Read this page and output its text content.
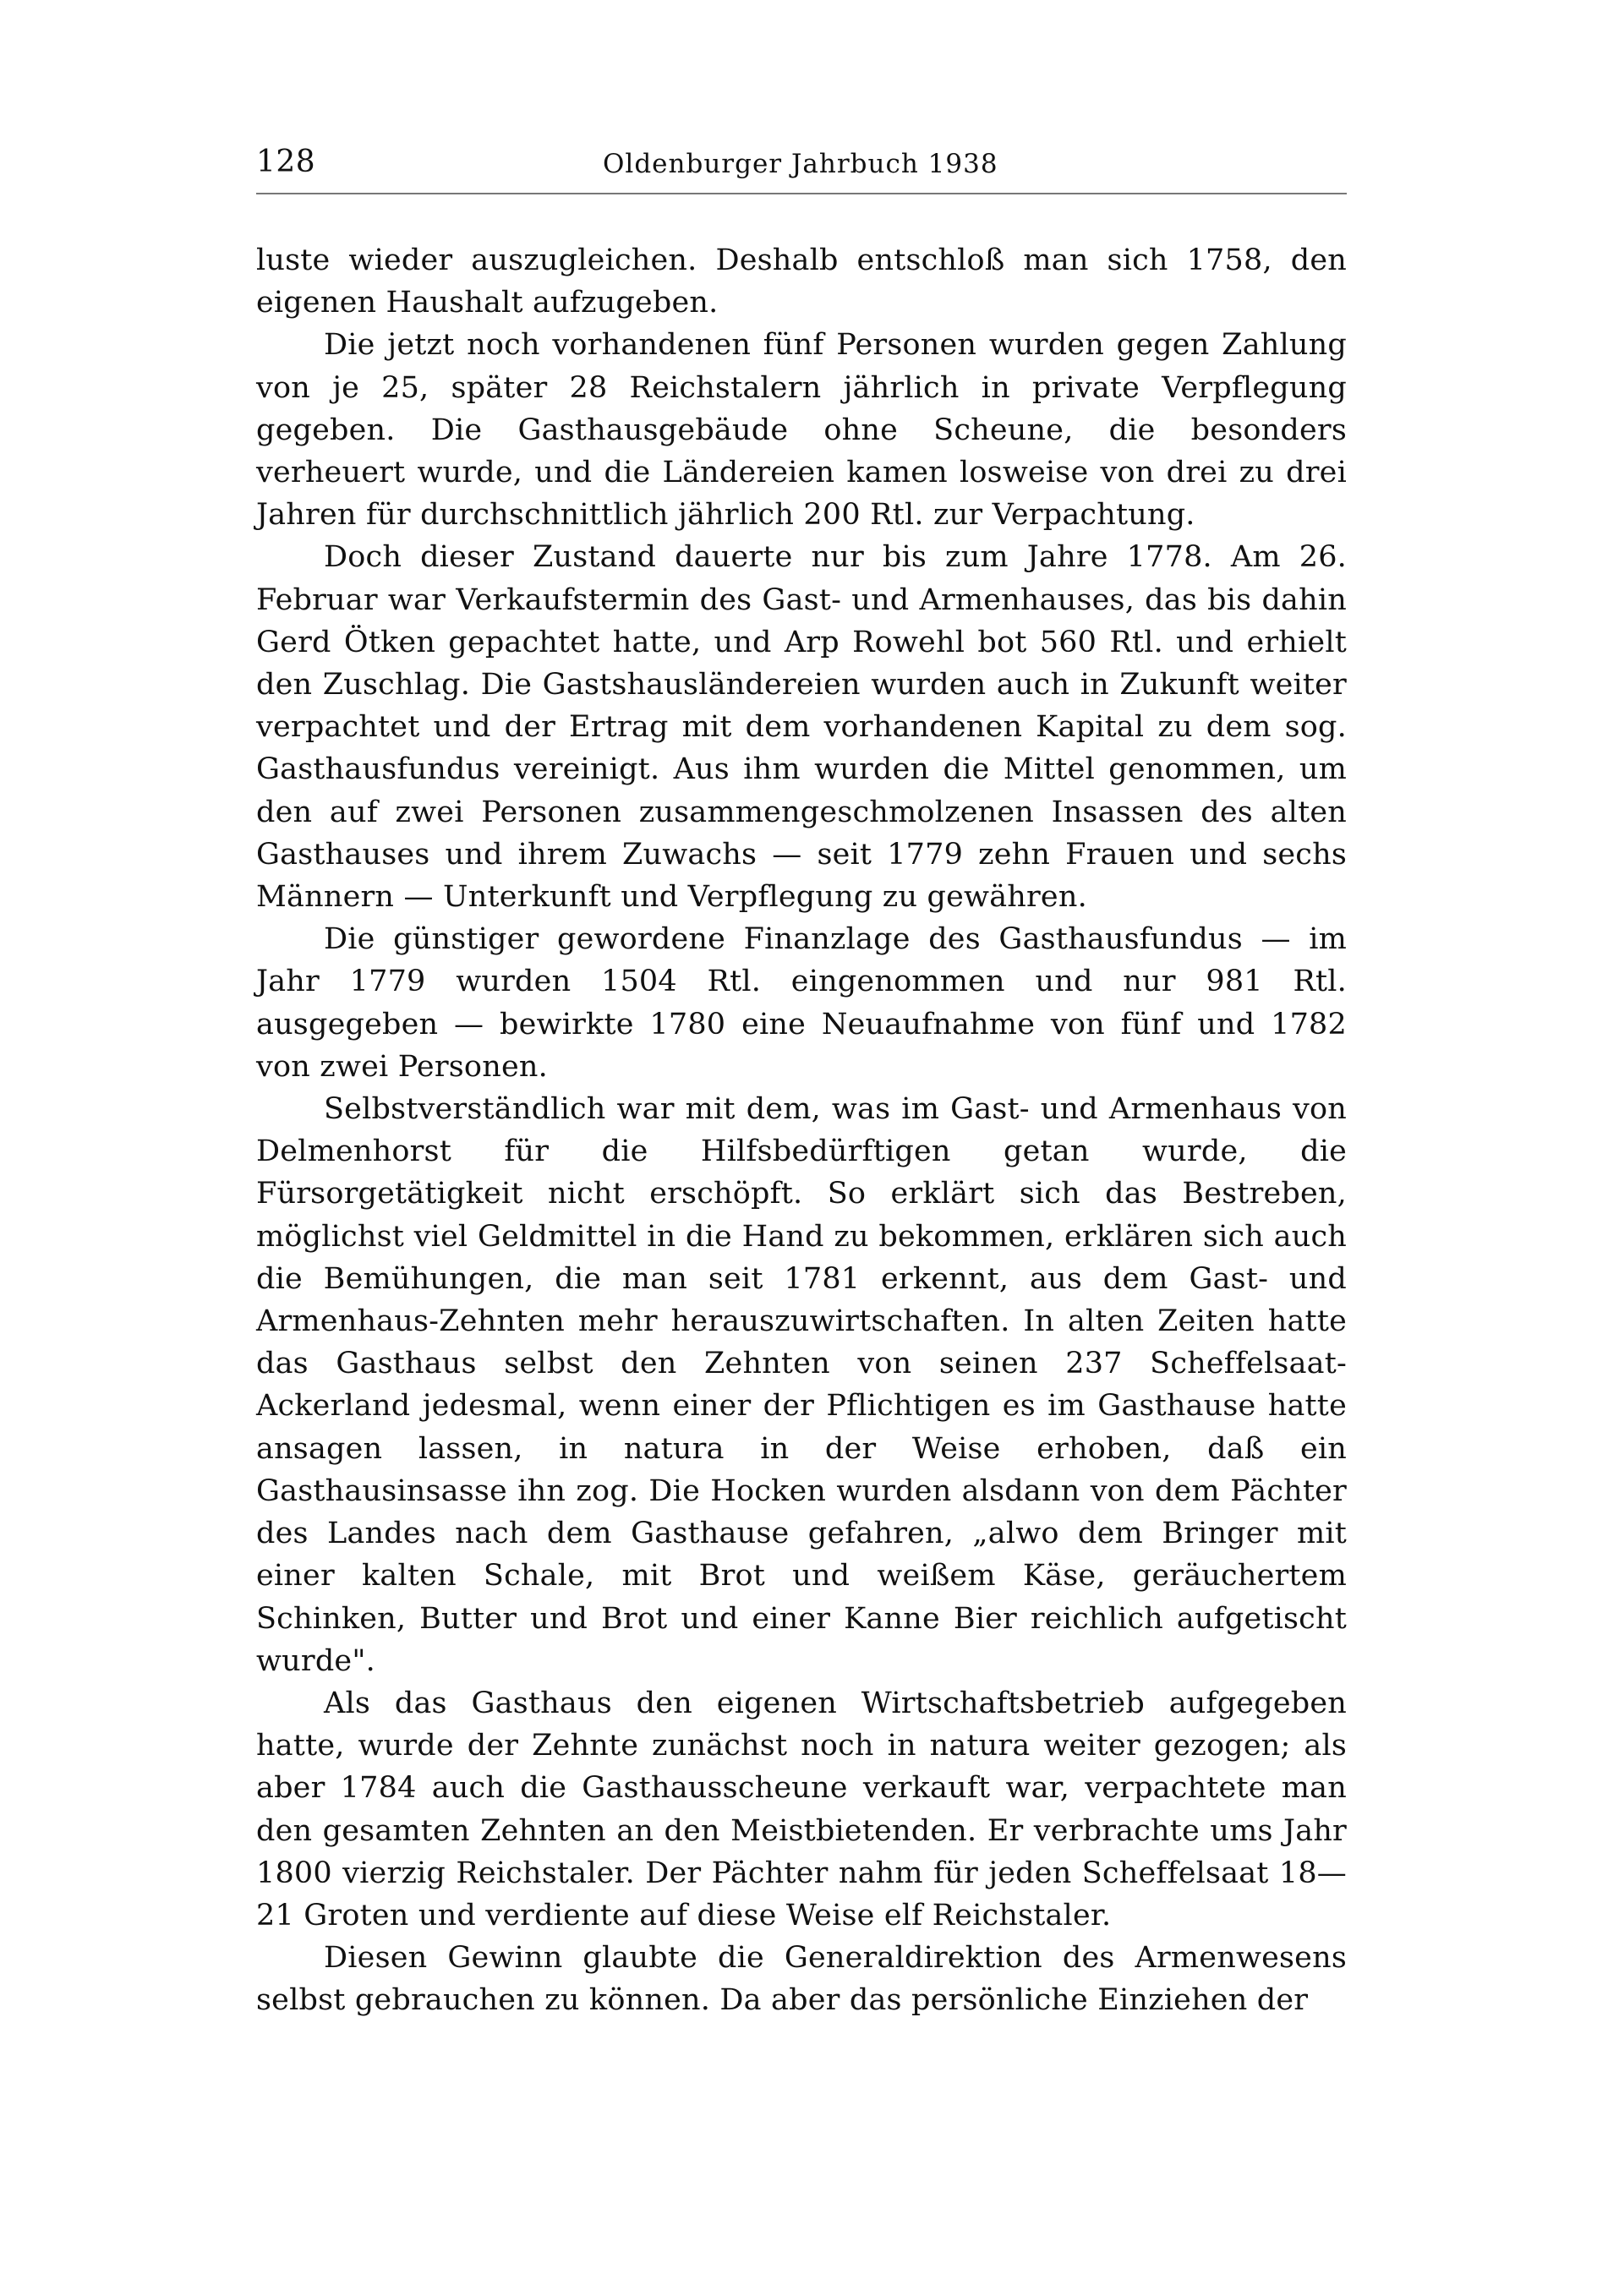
128	Oldenburger Jahrbuch 1938

luste wieder auszugleichen. Deshalb entschloß man sich 1758, den eigenen Haushalt aufzugeben.

Die jetzt noch vorhandenen fünf Personen wurden gegen Zahlung von je 25, später 28 Reichstalern jährlich in private Verpflegung gegeben. Die Gasthausgebäude ohne Scheune, die besonders verheuert wurde, und die Ländereien kamen losweise von drei zu drei Jahren für durchschnittlich jährlich 200 Rtl. zur Verpachtung.

Doch dieser Zustand dauerte nur bis zum Jahre 1778. Am 26. Februar war Verkaufstermin des Gast- und Armenhauses, das bis dahin Gerd Ötken gepachtet hatte, und Arp Rowehl bot 560 Rtl. und erhielt den Zuschlag. Die Gastshausländereien wurden auch in Zukunft weiter verpachtet und der Ertrag mit dem vorhandenen Kapital zu dem sog. Gasthausfundus vereinigt. Aus ihm wurden die Mittel genommen, um den auf zwei Personen zusammengeschmolzenen Insassen des alten Gasthauses und ihrem Zuwachs — seit 1779 zehn Frauen und sechs Männern — Unterkunft und Verpflegung zu gewähren.

Die günstiger gewordene Finanzlage des Gasthausfundus — im Jahr 1779 wurden 1504 Rtl. eingenommen und nur 981 Rtl. ausgegeben — bewirkte 1780 eine Neuaufnahme von fünf und 1782 von zwei Personen.

Selbstverständlich war mit dem, was im Gast- und Armenhaus von Delmenhorst für die Hilfsbedürftigen getan wurde, die Fürsorgetätigkeit nicht erschöpft. So erklärt sich das Bestreben, möglichst viel Geldmittel in die Hand zu bekommen, erklären sich auch die Bemühungen, die man seit 1781 erkennt, aus dem Gast- und Armenhaus-Zehnten mehr herauszuwirtschaften. In alten Zeiten hatte das Gasthaus selbst den Zehnten von seinen 237 Scheffelsaat-Ackerland jedesmal, wenn einer der Pflichtigen es im Gasthause hatte ansagen lassen, in natura in der Weise erhoben, daß ein Gasthausinsasse ihn zog. Die Hocken wurden alsdann von dem Pächter des Landes nach dem Gasthause gefahren, „alwo dem Bringer mit einer kalten Schale, mit Brot und weißem Käse, geräuchertem Schinken, Butter und Brot und einer Kanne Bier reichlich aufgetischt wurde".

Als das Gasthaus den eigenen Wirtschaftsbetrieb aufgegeben hatte, wurde der Zehnte zunächst noch in natura weiter gezogen; als aber 1784 auch die Gasthausscheune verkauft war, verpachtete man den gesamten Zehnten an den Meistbietenden. Er verbrachte ums Jahr 1800 vierzig Reichstaler. Der Pächter nahm für jeden Scheffelsaat 18—21 Groten und verdiente auf diese Weise elf Reichstaler.

Diesen Gewinn glaubte die Generaldirektion des Armenwesens selbst gebrauchen zu können. Da aber das persönliche Einziehen der
